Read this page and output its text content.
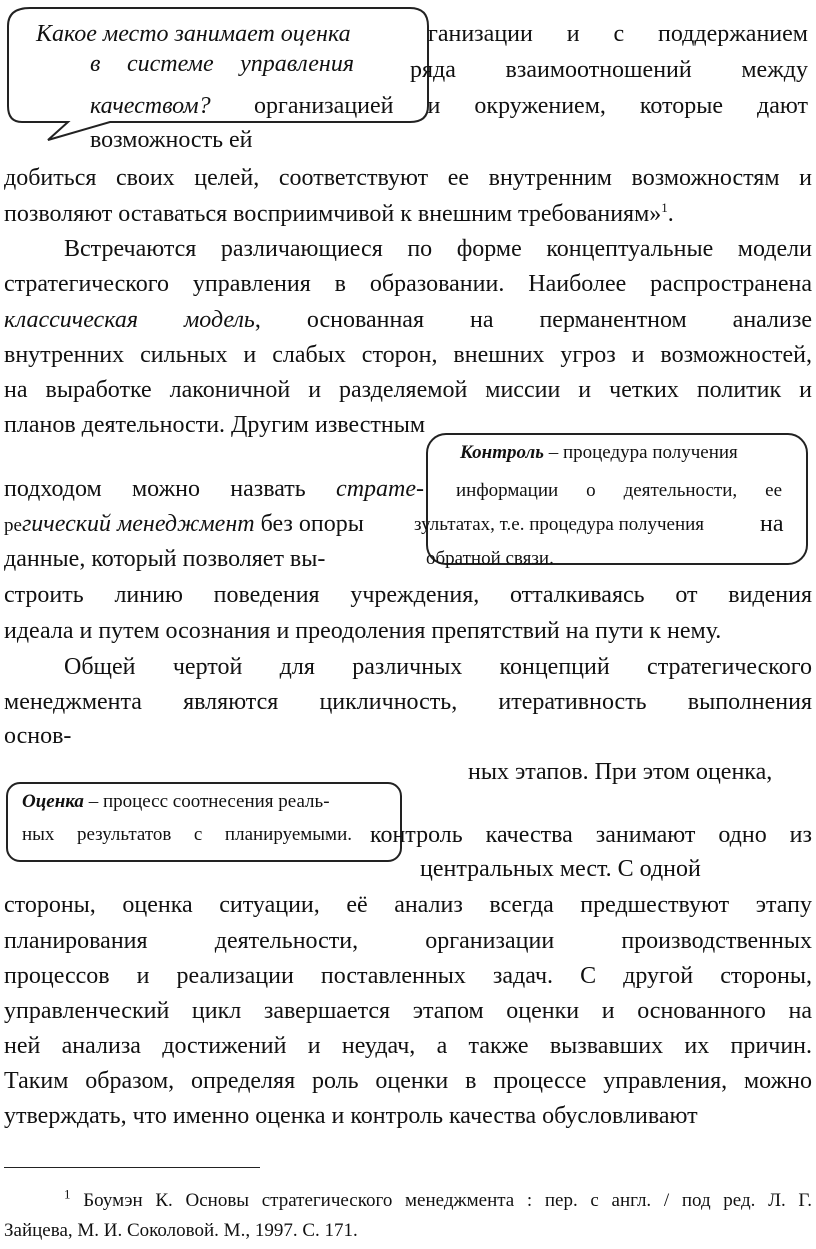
Какое место занимает оценка
в системе управления
качеством?
ганизации и с поддержанием
ряда взаимоотношений между
организацией и окружением, которые дают
возможность ей
добиться своих целей, соответствуют ее внутренним возможностям и
позволяют оставаться восприимчивой к внешним требованиям»$^1$.
Встречаются различающиеся по форме концептуальные модели
стратегического управления в образовании. Наиболее распространена
классическая модель, основанная на перманентном анализе
внутренних сильных и слабых сторон, внешних угроз и возможностей,
на выработке лаконичной и разделяемой миссии и четких политик и
планов деятельности. Другим известным
Контроль – процедура получения
информации о деятельности, ее
зультатах, т.е. процедура получения
обратной связи.
подходом можно назвать страте-
регический менеджмент без опоры	на
данные, который позволяет вы-
строить линию поведения учреждения, отталкиваясь от видения
идеала и путем осознания и преодоления препятствий на пути к нему.
Общей чертой для различных концепций стратегического
менеджмента являются цикличность, итеративность выполнения
основ-
ных этапов. При этом оценка,
Оценка – процесс соотнесения реаль-
ных результатов с планируемыми. контроль качества занимают одно из
центральных мест. С одной
стороны, оценка ситуации, её анализ всегда предшествуют этапу
планирования деятельности, организации производственных
процессов и реализации поставленных задач. С другой стороны,
управленческий цикл завершается этапом оценки и основанного на
ней анализа достижений и неудач, а также вызвавших их причин.
Таким образом, определяя роль оценки в процессе управления, можно
утверждать, что именно оценка и контроль качества обусловливают
$^1$ Боумэн К. Основы стратегического менеджмента : пер. с англ. / под ред. Л. Г.
Зайцева, М. И. Соколовой. М., 1997. С. 171.
